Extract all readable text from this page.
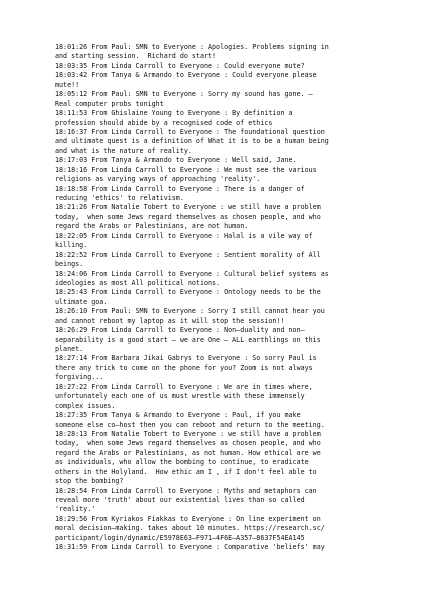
18:01:26 From Paul: SMN to Everyone : Apologies. Problems signing in
and starting session.  Richard do start!
18:03:35 From Linda Carroll to Everyone : Could everyone mute?
18:03:42 From Tanya & Armando to Everyone : Could everyone please
mute!!
18:05:12 From Paul: SMN to Everyone : Sorry my sound has gone. –
Real computer probs tonight
18:11:53 From Ghislaine Young to Everyone : By definition a
profession should abide by a recognised code of ethics
18:16:37 From Linda Carroll to Everyone : The foundational question
and ultimate quest is a definition of What it is to be a human being
and what is the nature of reality.
18:17:03 From Tanya & Armando to Everyone : Well said, Jane.
18:18:16 From Linda Carroll to Everyone : We must see the various
religions as varying ways of approaching 'reality'.
18:18:58 From Linda Carroll to Everyone : There is a danger of
reducing 'ethics' to relativism.
18:21:26 From Natalie Tobert to Everyone : we still have a problem
today,  when some Jews regard themselves as chosen people, and who
regard the Arabs or Palestinians, are not human.
18:22:05 From Linda Carroll to Everyone : Halal is a vile way of
killing.
18:22:52 From Linda Carroll to Everyone : Sentient morality of All
beings.
18:24:06 From Linda Carroll to Everyone : Cultural belief systems as
ideologies as most All political notions.
18:25:43 From Linda Carroll to Everyone : Ontology needs to be the
ultimate goa.
18:26:10 From Paul: SMN to Everyone : Sorry I still cannot hear you
and cannot reboot my laptop as it will stop the session!!
18:26:29 From Linda Carroll to Everyone : Non–duality and non–
separability is a good start – we are One – ALL earthlings on this
planet.
18:27:14 From Barbara Jikai Gabrys to Everyone : So sorry Paul is
there any trick to come on the phone for you? Zoom is not always
forgiving...
18:27:22 From Linda Carroll to Everyone : We are in times where,
unfortunately each one of us must wrestle with these immensely
complex issues.
18:27:35 From Tanya & Armando to Everyone : Paul, if you make
someone else co–host then you can reboot and return to the meeting.
18:28:13 From Natalie Tobert to Everyone : we still have a problem
today,  when some Jews regard themselves as chosen people, and who
regard the Arabs or Palestinians, as not human. How ethical are we
as individuals, who allow the bombing to continue, to eradicate
others in the Holyland.  How ethic am I , if I don't feel able to
stop the bombing?
18:28:54 From Linda Carroll to Everyone : Myths and metaphors can
reveal more 'truth' about our existential lives than so called
'reality.'
18:29:56 From Kyriakos Fiakkas to Everyone : On line experiment on
moral decision–making. takes about 10 minutes. https://research.sc/
participant/login/dynamic/E5978E63–F971–4F6E–A357–8637F54EA145
18:31:59 From Linda Carroll to Everyone : Comparative 'beliefs' may
